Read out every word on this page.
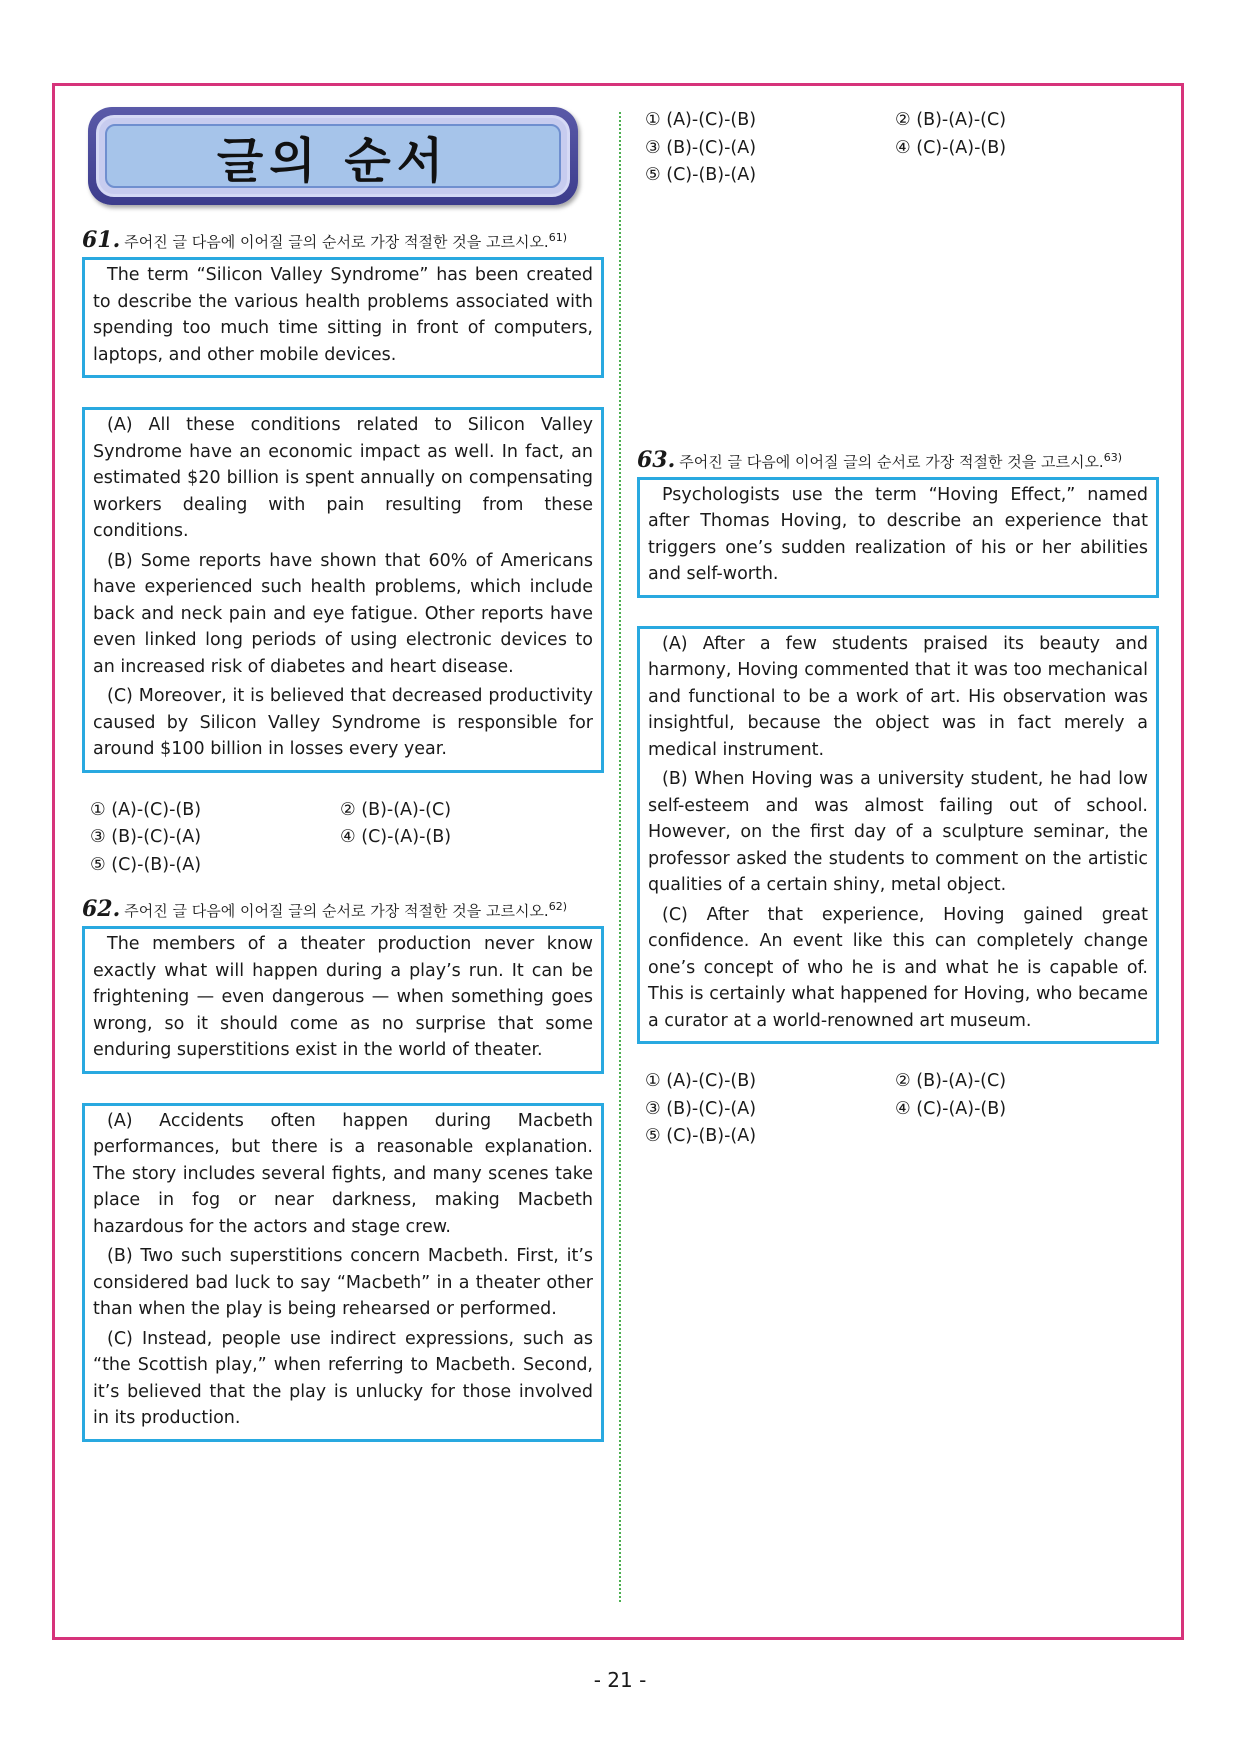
글의 순서
61. 주어진 글 다음에 이어질 글의 순서로 가장 적절한 것을 고르시오.$^{61)}$

The term “Silicon Valley Syndrome” has been created to describe the various health problems associated with spending too much time sitting in front of computers, laptops, and other mobile devices.

(A) All these conditions related to Silicon Valley Syndrome have an economic impact as well. In fact, an estimated $20 billion is spent annually on compensating workers dealing with pain resulting from these conditions.

(B) Some reports have shown that 60% of Americans have experienced such health problems, which include back and neck pain and eye fatigue. Other reports have even linked long periods of using electronic devices to an increased risk of diabetes and heart disease.

(C) Moreover, it is believed that decreased productivity caused by Silicon Valley Syndrome is responsible for around $100 billion in losses every year.

① (A)-(C)-(B)	② (B)-(A)-(C)
③ (B)-(C)-(A)	④ (C)-(A)-(B)
⑤ (C)-(B)-(A)
62. 주어진 글 다음에 이어질 글의 순서로 가장 적절한 것을 고르시오.$^{62)}$

The members of a theater production never know exactly what will happen during a play’s run. It can be frightening — even dangerous — when something goes wrong, so it should come as no surprise that some enduring superstitions exist in the world of theater.

(A) Accidents often happen during Macbeth performances, but there is a reasonable explanation. The story includes several fights, and many scenes take place in fog or near darkness, making Macbeth hazardous for the actors and stage crew.

(B) Two such superstitions concern Macbeth. First, it’s considered bad luck to say “Macbeth” in a theater other than when the play is being rehearsed or performed.

(C) Instead, people use indirect expressions, such as “the Scottish play,” when referring to Macbeth. Second, it’s believed that the play is unlucky for those involved in its production.

① (A)-(C)-(B)	② (B)-(A)-(C)
③ (B)-(C)-(A)	④ (C)-(A)-(B)
⑤ (C)-(B)-(A)
63. 주어진 글 다음에 이어질 글의 순서로 가장 적절한 것을 고르시오.$^{63)}$

Psychologists use the term “Hoving Effect,” named after Thomas Hoving, to describe an experience that triggers one’s sudden realization of his or her abilities and self-worth.

(A) After a few students praised its beauty and harmony, Hoving commented that it was too mechanical and functional to be a work of art. His observation was insightful, because the object was in fact merely a medical instrument.

(B) When Hoving was a university student, he had low self-esteem and was almost failing out of school. However, on the first day of a sculpture seminar, the professor asked the students to comment on the artistic qualities of a certain shiny, metal object.

(C) After that experience, Hoving gained great confidence. An event like this can completely change one’s concept of who he is and what he is capable of. This is certainly what happened for Hoving, who became a curator at a world-renowned art museum.

① (A)-(C)-(B)	② (B)-(A)-(C)
③ (B)-(C)-(A)	④ (C)-(A)-(B)
⑤ (C)-(B)-(A)
- 21 -
